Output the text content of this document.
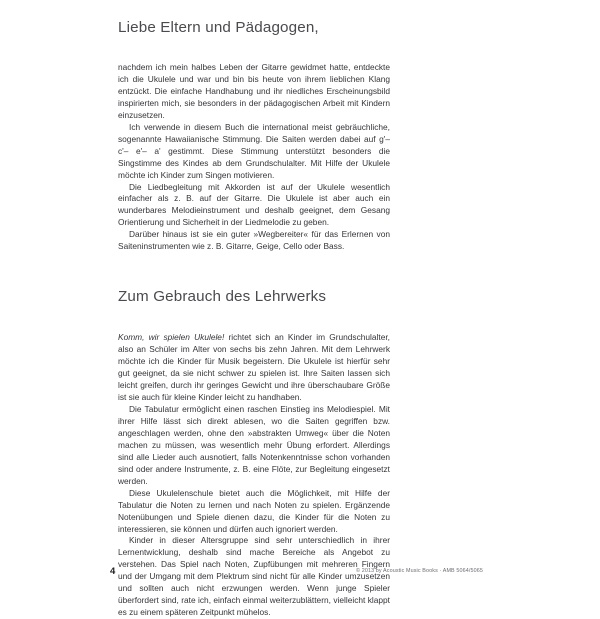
Liebe Eltern und Pädagogen,

nachdem ich mein halbes Leben der Gitarre gewidmet hatte, entdeckte ich die Ukulele und war und bin bis heute von ihrem lieblichen Klang entzückt. Die einfache Handhabung und ihr niedliches Erscheinungsbild inspirierten mich, sie besonders in der pädagogischen Arbeit mit Kindern einzusetzen.

Ich verwende in diesem Buch die international meist gebräuchliche, sogenannte Hawaiianische Stimmung. Die Saiten werden dabei auf g'– c'– e'– a' gestimmt. Diese Stimmung unterstützt besonders die Singstimme des Kindes ab dem Grundschulalter. Mit Hilfe der Ukulele möchte ich Kinder zum Singen motivieren.

Die Liedbegleitung mit Akkorden ist auf der Ukulele wesentlich einfacher als z. B. auf der Gitarre. Die Ukulele ist aber auch ein wunderbares Melodieinstrument und deshalb geeignet, dem Gesang Orientierung und Sicherheit in der Liedmelodie zu geben.

Darüber hinaus ist sie ein guter »Wegbereiter« für das Erlernen von Saiteninstrumenten wie z. B. Gitarre, Geige, Cello oder Bass.

Zum Gebrauch des Lehrwerks

Komm, wir spielen Ukulele! richtet sich an Kinder im Grundschulalter, also an Schüler im Alter von sechs bis zehn Jahren. Mit dem Lehrwerk möchte ich die Kinder für Musik begeistern. Die Ukulele ist hierfür sehr gut geeignet, da sie nicht schwer zu spielen ist. Ihre Saiten lassen sich leicht greifen, durch ihr geringes Gewicht und ihre überschaubare Größe ist sie auch für kleine Kinder leicht zu handhaben.

Die Tabulatur ermöglicht einen raschen Einstieg ins Melodiespiel. Mit ihrer Hilfe lässt sich direkt ablesen, wo die Saiten gegriffen bzw. angeschlagen werden, ohne den »abstrakten Umweg« über die Noten machen zu müssen, was wesentlich mehr Übung erfordert. Allerdings sind alle Lieder auch ausnotiert, falls Notenkenntnisse schon vorhanden sind oder andere Instrumente, z. B. eine Flöte, zur Begleitung eingesetzt werden.

Diese Ukulelenschule bietet auch die Möglichkeit, mit Hilfe der Tabulatur die Noten zu lernen und nach Noten zu spielen. Ergänzende Notenübungen und Spiele dienen dazu, die Kinder für die Noten zu interessieren, sie können und dürfen auch ignoriert werden.

Kinder in dieser Altersgruppe sind sehr unterschiedlich in ihrer Lernentwicklung, deshalb sind mache Bereiche als Angebot zu verstehen. Das Spiel nach Noten, Zupfübungen mit mehreren Fingern und der Umgang mit dem Plektrum sind nicht für alle Kinder umzusetzen und sollten auch nicht erzwungen werden. Wenn junge Spieler überfordert sind, rate ich, einfach einmal weiterzublättern, vielleicht klappt es zu einem späteren Zeitpunkt mühelos.

4	© 2013 by Acoustic Music Books · AMB 5064/5065
